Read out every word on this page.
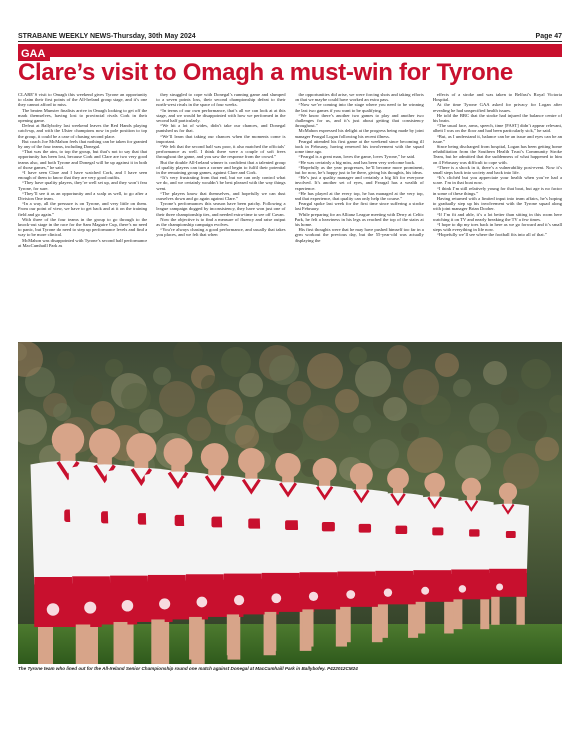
STRABANE WEEKLY NEWS-Thursday, 30th May 2024	Page 47
GAA
Clare’s visit to Omagh a must-win for Tyrone

CLARE’S visit to Omagh this weekend gives Tyrone an opportunity to claim their first points of the All-Ireland group stage, and it’s one they cannot afford to miss.

The beaten Munster finalists arrive in Omagh looking to get off the mark themselves, having lost to provincial rivals Cork in their opening game.

Defeat at Ballybofey last weekend leaves the Red Hands playing catch-up, and with the Ulster champions now in pole position to top the group, it could be a case of chasing second place.

But coach Joe McMahon feels that nothing can be taken for granted by any of the four teams, including Donegal.

“That was the aim, to top the group, but that’s not to say that that opportunity has been lost, because Cork and Clare are two very good teams also, and both Tyrone and Donegal will be up against it in both of those games,” he said.

“I have seen Clare and I have watched Cork, and I have seen enough of them to know that they are very good outfits.

“They have quality players, they’re well set up, and they won’t fear Tyrone, for sure.

“They’ll see it as an opportunity and a scalp as well, to go after a Division One team.

“In a way, all the pressure is on Tyrone, and very little on them. From our point of view, we have to get back and at it on the training field and go again.”

With three of the four teams in the group to go through to the knock-out stage in the race for the Sam Maguire Cup, there’s no need to panic, but Tyrone do need to step up performance levels and find a way to be more clinical.

McMahon was disappointed with Tyrone’s second half performance at MacCumhaill Park as

they struggled to cope with Donegal’s running game and slumped to a seven points loss, their second championship defeat to their north-west rivals in the space of four weeks.

“In terms of our own performance, that’s all we can look at at this stage, and we would be disappointed with how we performed in the second half particularly.

“We hit a lot of wides, didn’t take our chances, and Donegal punished us for that.

“We’ll learn that taking our chances when the moments come is important.

“We felt that the second half was poor, it also matched the officials’ performance as well. I think there were a couple of soft frees throughout the game, and you saw the response from the crowd.”

But the double All-Ireland winner is confident that a talented group of quality players can turn a corner and begin to fulfil their potential in the remaining group games, against Clare and Cork.

“It’s very frustrating from that end, but we can only control what we do, and we certainly wouldn’t be best pleased with the way things went.

“The players know that themselves, and hopefully we can dust ourselves down and go again against Clare.”

Tyrone’s performances this season have been patchy. Following a league campaign dogged by inconsistency, they have won just one of their three championship ties, and needed extra-time to see off Cavan.

Now the objective is to find a measure of fluency and raise output as the championship campaign evolves.

“You’re always chasing a good performance, and usually that takes you places, and we felt that when

the opportunities did arise, we were forcing shots and taking efforts on that we maybe could have worked an extra pass.

“Now we’re coming into the stage where you need to be winning the last two games if you want to be qualifying.

“We know there’s another two games to play and another two challenges for us, and it’s just about getting that consistency throughout.”

McMahon expressed his delight at the progress being made by joint manager Feargal Logan following his recent illness.

Feargal attended his first game at the weekend since becoming ill back in February, having renewed his involvement with the squad some time ago.

“Feargal is a great man, loves the game, loves Tyrone,” he said.

“He was certainly a big miss, and has been very welcome back.

“Hopefully as the year progresses, he’ll become more prominent, but for now, he’s happy just to be there, giving his thoughts, his ideas.

“He’s just a quality manager and certainly a big lift for everyone involved. It’s another set of eyes, and Feargal has a wealth of experience.

“He has played at the every top, he has managed at the very top, and that experience, that quality can only help the course.”

Feargal spoke last week for the first time since suffering a stroke last February.

While preparing for an Allianz League meeting with Derry at Celtic Park, he felt a heaviness in his legs as reached the top of the stairs at his home.

His first thoughts were that he may have pushed himself too far in a gym workout the previous day, but the 55-year-old was actually displaying the

effects of a stroke and was taken to Belfast’s Royal Victoria Hospital.

At the time Tyrone GAA asked for privacy for Logan after revealing he had unspecified health issues.

He told the BBC that the stroke had injured the balance centre of his brain.

“The usual face, arms, speech, time [FAST] didn’t appear relevant, albeit I was on the floor and had been particularly sick,” he said.

“But, as I understand it, balance can be an issue and eyes can be an issue.”

Since being discharged from hospital, Logan has been getting home rehabilitation from the Southern Health Trust’s Community Stroke Team, but he admitted that the suddenness of what happened to him on 4 February was difficult to cope with.

“There is a shock in it, there’s a vulnerability post-event. Now it’s small steps back into society and back into life.

“It’s clichéd but you appreciate your health when you’ve had a scare. I’m in that boat now.

“I think I’m still relatively young for that boat, but age is no factor in some of these things.”

Having returned with a limited input into team affairs, he’s hoping to gradually step up his involvement with the Tyrone squad along with joint manager Brian Dooher.

“If I’m fit and able, it’s a lot better than sitting in this room here watching it on TV and nearly breaking the TV a few times.

“I hope to dip my toes back in here as we go forward and it’s small steps with everything in life now.

“Hopefully we’ll see where the football fits into all of that.”

The Tyrone team who lined out for the All-Ireland Senior Championship round one match against Donegal at MacCumhaill Park in Ballybofey. P422012CM24
